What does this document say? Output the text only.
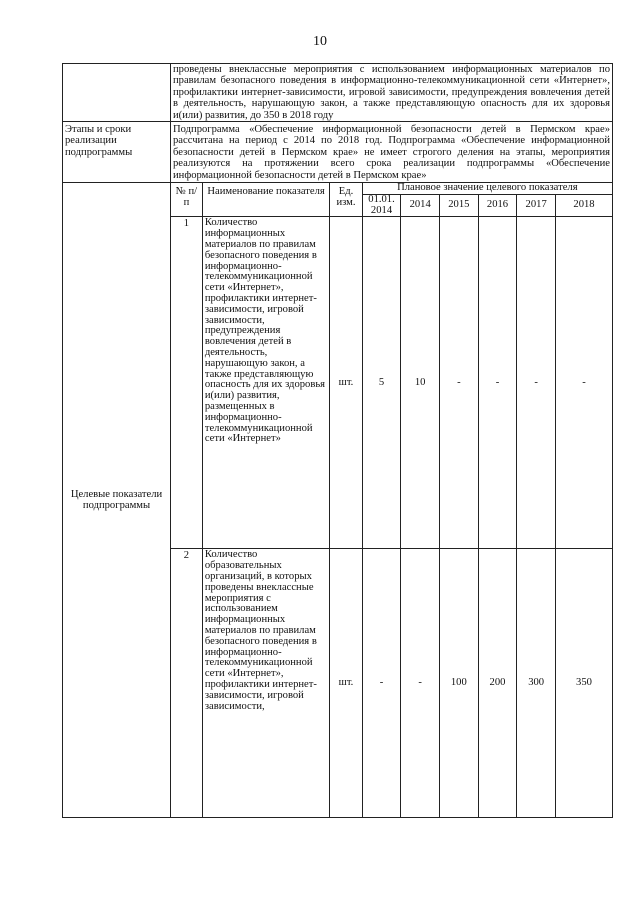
10
	проведены внеклассные мероприятия с использованием информационных материалов по правилам безопасного поведения в информационно-телекоммуникационной сети «Интернет», профилактики интернет-зависимости, игровой зависимости, предупреждения вовлечения детей в деятельность, нарушающую закон, а также представляющую опасность для их здоровья и(или) развития, до 350 в 2018 году
Этапы и сроки реализации подпрограммы	Подпрограмма «Обеспечение информационной безопасности детей в Пермском крае» рассчитана на период с 2014 по 2018 год. Подпрограмма «Обеспечение информационной безопасности детей в Пермском крае» не имеет строгого деления на этапы, мероприятия реализуются на протяжении всего срока реализации подпрограммы «Обеспечение информационной безопасности детей в Пермском крае»
Целевые показатели подпрограммы	
№ п/п	Наименование показателя	Ед. изм.	Плановое значение целевого показателя
01.01. 2014	2014	2015	2016	2017	2018
1	Количество информационных материалов по правилам безопасного поведения в информационно-телекоммуникационной сети «Интернет», профилактики интернет-зависимости, игровой зависимости, предупреждения вовлечения детей в деятельность, нарушающую закон, а также представляющую опасность для их здоровья и(или) развития, размещенных в информационно-телекоммуникационной сети «Интернет»	шт.	5	10	-	-	-	-
2	Количество образовательных организаций, в которых проведены внеклассные мероприятия с использованием информационных материалов по правилам безопасного поведения в информационно-телекоммуникационной сети «Интернет», профилактики интернет-зависимости, игровой зависимости,	шт.	-	-	100	200	300	350
